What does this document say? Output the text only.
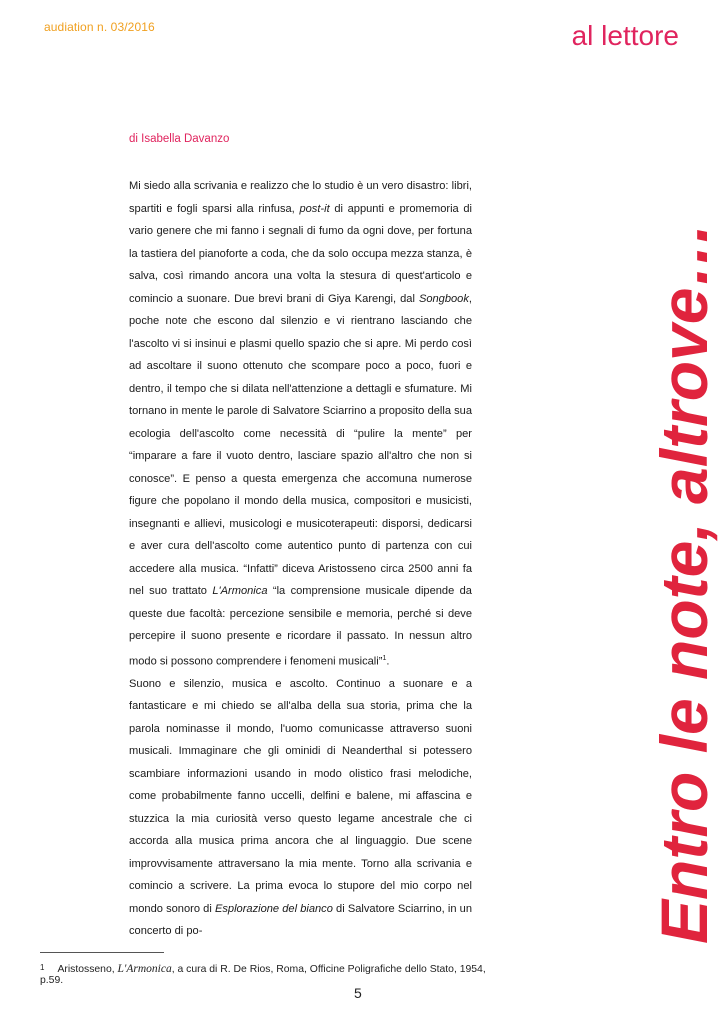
audiation n. 03/2016	al lettore
Entro le note, altrove…
di Isabella Davanzo

Mi siedo alla scrivania e realizzo che lo studio è un vero disastro: libri, spartiti e fogli sparsi alla rinfusa, post-it di appunti e promemoria di vario genere che mi fanno i segnali di fumo da ogni dove, per fortuna la tastiera del pianoforte a coda, che da solo occupa mezza stanza, è salva, così rimando ancora una volta la stesura di quest'articolo e comincio a suonare. Due brevi brani di Giya Karengi, dal Songbook, poche note che escono dal silenzio e vi rientrano lasciando che l'ascolto vi si insinui e plasmi quello spazio che si apre. Mi perdo così ad ascoltare il suono ottenuto che scompare poco a poco, fuori e dentro, il tempo che si dilata nell'attenzione a dettagli e sfumature. Mi tornano in mente le parole di Salvatore Sciarrino a proposito della sua ecologia dell'ascolto come necessità di “pulire la mente” per “imparare a fare il vuoto dentro, lasciare spazio all'altro che non si conosce”. E penso a questa emergenza che accomuna numerose figure che popolano il mondo della musica, compositori e musicisti, insegnanti e allievi, musicologi e musicoterapeuti: disporsi, dedicarsi e aver cura dell'ascolto come autentico punto di partenza con cui accedere alla musica. “Infatti” diceva Aristosseno circa 2500 anni fa nel suo trattato L'Armonica “la comprensione musicale dipende da queste due facoltà: percezione sensibile e memoria, perché si deve percepire il suono presente e ricordare il passato. In nessun altro modo si possono comprendere i fenomeni musicali”$^1$.

Suono e silenzio, musica e ascolto. Continuo a suonare e a fantasticare e mi chiedo se all'alba della sua storia, prima che la parola nominasse il mondo, l'uomo comunicasse attraverso suoni musicali. Immaginare che gli ominidi di Neanderthal si potessero scambiare informazioni usando in modo olistico frasi melodiche, come probabilmente fanno uccelli, delfini e balene, mi affascina e stuzzica la mia curiosità verso questo legame ancestrale che ci accorda alla musica prima ancora che al linguaggio. Due scene improvvisamente attraversano la mia mente. Torno alla scrivania e comincio a scrivere. La prima evoca lo stupore del mio corpo nel mondo sonoro di Esplorazione del bianco di Salvatore Sciarrino, in un concerto di po-

$^1$ Aristosseno, L'Armonica, a cura di R. De Rios, Roma, Officine Poligrafiche dello Stato, 1954, p.59.
5
